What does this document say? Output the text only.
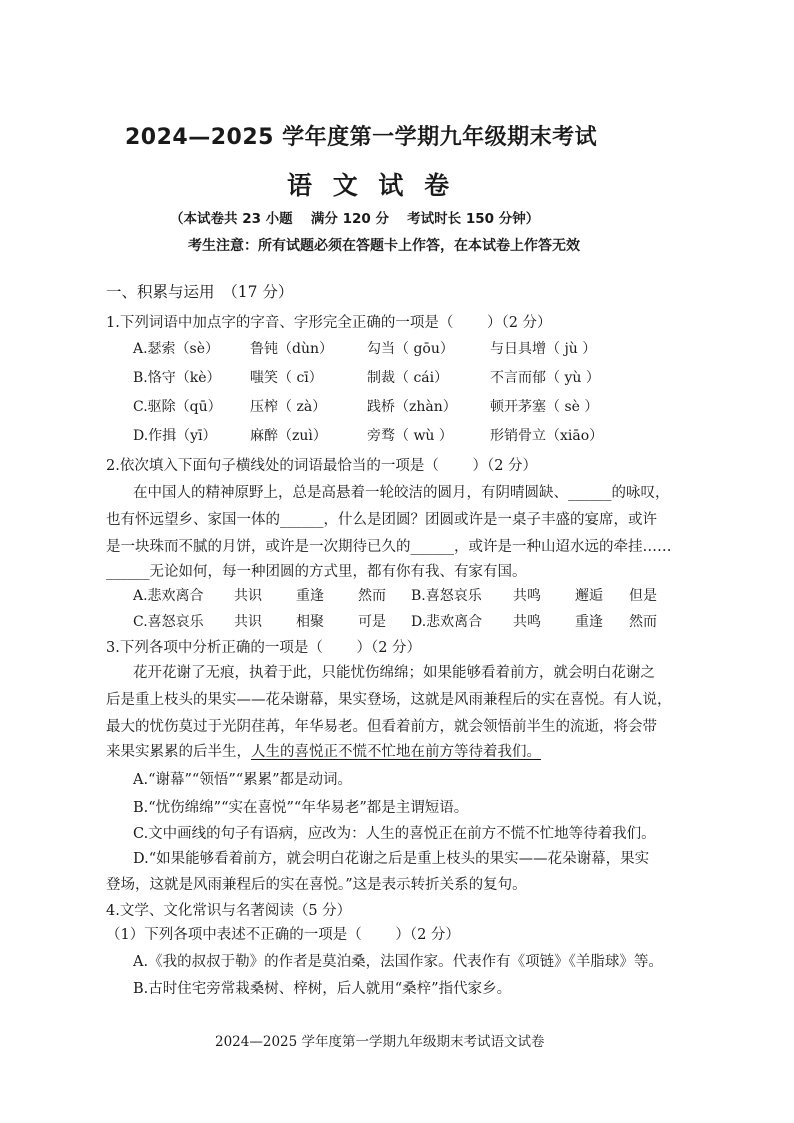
2024—2025 学年度第一学期九年级期末考试
语 文 试 卷
（本试卷共 23 小题　 满分 120 分　 考试时长 150 分钟）
考生注意：所有试题必须在答题卡上作答，在本试卷上作答无效
一、积累与运用　（17 分）
1.下列词语中加点字的字音、字形完全正确的一项是（　　 ）（2 分）
A.瑟索（sè） 鲁钝（dùn） 勾当（ gōu）	与日具增（ jù ）
B.恪守（kè） 嗤笑（ cī）	制裁（ cái）	不言而郁（ yù ）
C.驱除（qū） 压榨（ zà）	践桥（zhàn） 顿开茅塞（ sè ）
D.作揖（yī） 麻醉（zuì）	旁骛（ wù ）	形销骨立（xiāo）
2.依次填入下面句子横线处的词语最恰当的一项是（　　 ）（2 分）
在中国人的精神原野上，总是高悬着一轮皎洁的圆月，有阴晴圆缺、______的咏叹，
也有怀远望乡、家国一体的______，什么是团圆？团圆或许是一桌子丰盛的宴席，或许
是一块珠而不腻的月饼，或许是一次期待已久的______，或许是一种山迢水远的牵挂……
______无论如何，每一种团圆的方式里，都有你有我、有家有国。
A.悲欢离合 共识 重逢 然而 B.喜怒哀乐 共鸣 邂逅 但是
C.喜怒哀乐 共识 相聚 可是 D.悲欢离合 共鸣 重逢 然而
3.下列各项中分析正确的一项是（　　 ）（2 分）
花开花谢了无痕，执着于此，只能忧伤绵绵；如果能够看着前方，就会明白花谢之
后是重上枝头的果实——花朵谢幕，果实登场，这就是风雨兼程后的实在喜悦。有人说，
最大的忧伤莫过于光阴荏苒，年华易老。但看着前方，就会领悟前半生的流逝，将会带
来果实累累的后半生，人生的喜悦正不慌不忙地在前方等待着我们。
A.“谢幕”“领悟”“累累”都是动词。
B.“忧伤绵绵”“实在喜悦”“年华易老”都是主谓短语。
C.文中画线的句子有语病，应改为：人生的喜悦正在前方不慌不忙地等待着我们。
D.“如果能够看着前方，就会明白花谢之后是重上枝头的果实——花朵谢幕，果实
登场，这就是风雨兼程后的实在喜悦。”这是表示转折关系的复句。
4.文学、文化常识与名著阅读（5 分）
（1）下列各项中表述不正确的一项是（　　 ）（2 分）
A.《我的叔叔于勒》的作者是莫泊桑，法国作家。代表作有《项链》《羊脂球》等。
B.古时住宅旁常栽桑树、梓树，后人就用“桑梓”指代家乡。
2024—2025 学年度第一学期九年级期末考试语文试卷
